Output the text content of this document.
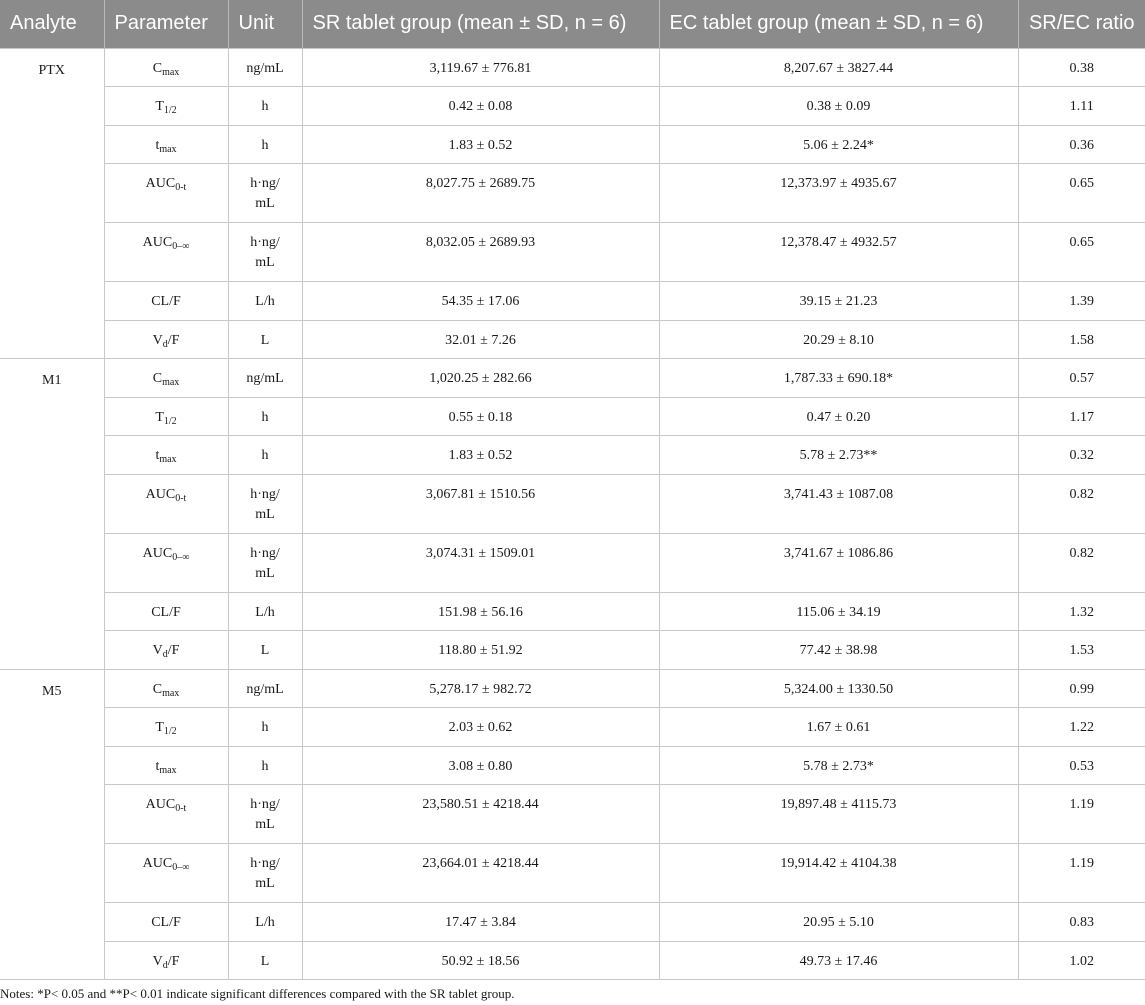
Analyte	Parameter	Unit	SR tablet group (mean ± SD, n = 6)	EC tablet group (mean ± SD, n = 6)	SR/EC ratio
PTX	$C_{max}$	ng/mL	3,119.67 ± 776.81	8,207.67 ± 3827.44	0.38
	$T_{1/2}$	h	0.42 ± 0.08	0.38 ± 0.09	1.11
	$t_{max}$	h	1.83 ± 0.52	5.06 ± 2.24*	0.36
	$AUC_{0-t}$	h·ng/ mL	8,027.75 ± 2689.75	12,373.97 ± 4935.67	0.65
	$AUC_{0-\infty}$	h·ng/ mL	8,032.05 ± 2689.93	12,378.47 ± 4932.57	0.65
	CL/F	L/h	54.35 ± 17.06	39.15 ± 21.23	1.39
	$V_d/F$	L	32.01 ± 7.26	20.29 ± 8.10	1.58
M1	$C_{max}$	ng/mL	1,020.25 ± 282.66	1,787.33 ± 690.18*	0.57
	$T_{1/2}$	h	0.55 ± 0.18	0.47 ± 0.20	1.17
	$t_{max}$	h	1.83 ± 0.52	5.78 ± 2.73**	0.32
	$AUC_{0-t}$	h·ng/ mL	3,067.81 ± 1510.56	3,741.43 ± 1087.08	0.82
	$AUC_{0-\infty}$	h·ng/ mL	3,074.31 ± 1509.01	3,741.67 ± 1086.86	0.82
	CL/F	L/h	151.98 ± 56.16	115.06 ± 34.19	1.32
	$V_d/F$	L	118.80 ± 51.92	77.42 ± 38.98	1.53
M5	$C_{max}$	ng/mL	5,278.17 ± 982.72	5,324.00 ± 1330.50	0.99
	$T_{1/2}$	h	2.03 ± 0.62	1.67 ± 0.61	1.22
	$t_{max}$	h	3.08 ± 0.80	5.78 ± 2.73*	0.53
	$AUC_{0-t}$	h·ng/ mL	23,580.51 ± 4218.44	19,897.48 ± 4115.73	1.19
	$AUC_{0-\infty}$	h·ng/ mL	23,664.01 ± 4218.44	19,914.42 ± 4104.38	1.19
	CL/F	L/h	17.47 ± 3.84	20.95 ± 5.10	0.83
	$V_d/F$	L	50.92 ± 18.56	49.73 ± 17.46	1.02
Notes: *P< 0.05 and **P< 0.01 indicate significant differences compared with the SR tablet group.
